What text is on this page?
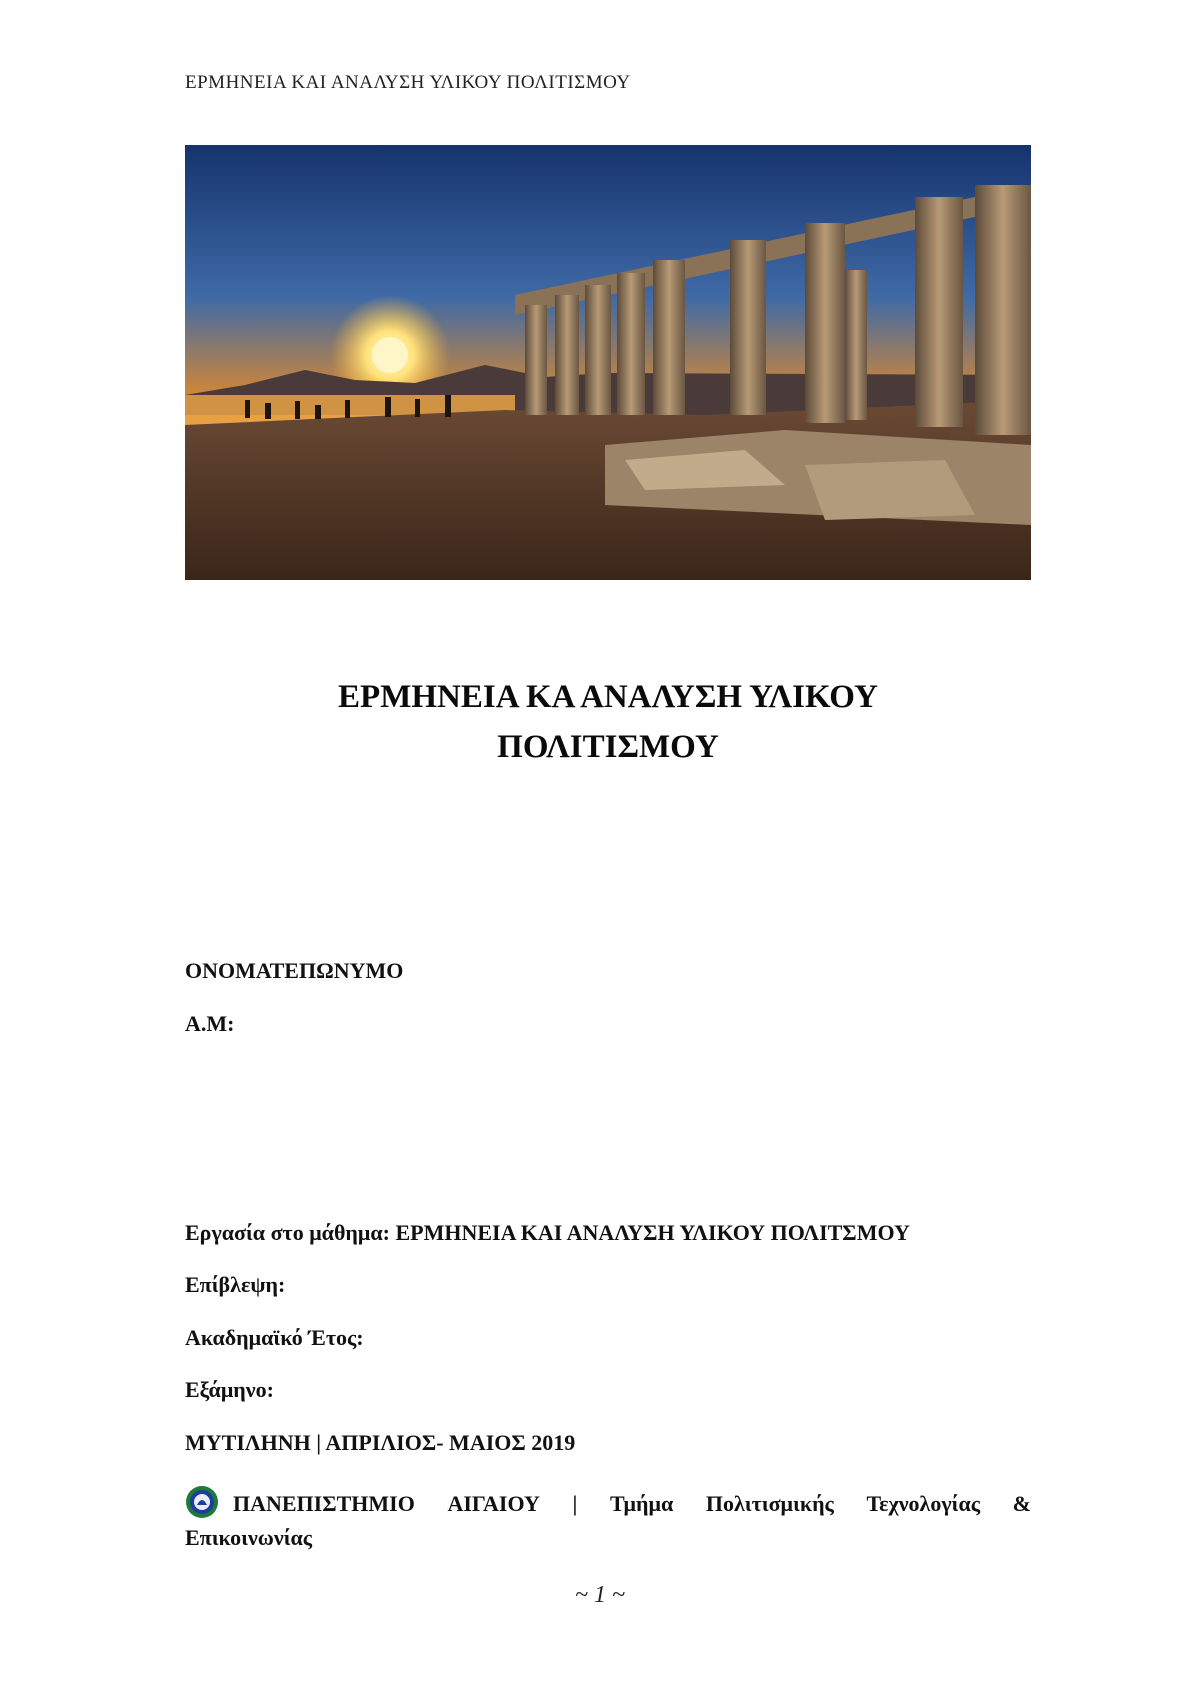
ΕΡΜΗΝΕΙΑ ΚΑΙ ΑΝΑΛΥΣΗ ΥΛΙΚΟΥ ΠΟΛΙΤΙΣΜΟΥ
ΕΡΜΗΝΕΙΑ ΚΑ ΑΝΑΛΥΣΗ ΥΛΙΚΟΥ
ΠΟΛΙΤΙΣΜΟΥ
ΟΝΟΜΑΤΕΠΩΝΥΜΟ
Α.Μ:
Εργασία στο μάθημα: ΕΡΜΗΝΕΙΑ ΚΑΙ ΑΝΑΛΥΣΗ ΥΛΙΚΟΥ ΠΟΛΙΤΣΜΟΥ
Επίβλεψη:
Ακαδημαϊκό Έτος:
Εξάμηνο:
ΜΥΤΙΛΗΝΗ | ΑΠΡΙΛΙΟΣ- ΜΑΙΟΣ 2019
ΠΑΝΕΠΙΣΤΗΜΙΟ ΑΙΓΑΙΟΥ | Τμήμα Πολιτισμικής Τεχνολογίας &
Επικοινωνίας
~ 1 ~
